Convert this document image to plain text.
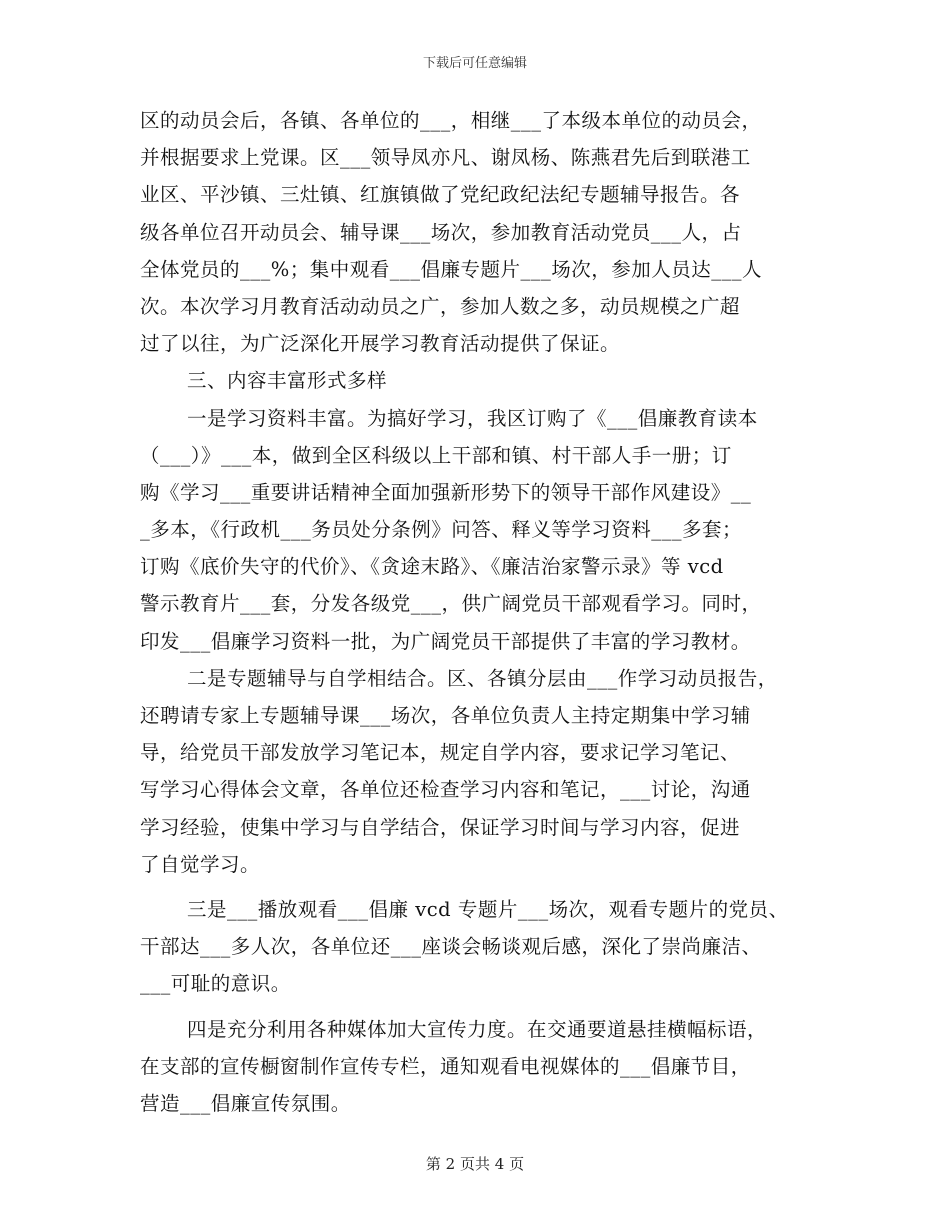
下载后可任意编辑
区的动员会后，各镇、各单位的___，相继___了本级本单位的动员会，
并根据要求上党课。区___领导凤亦凡、谢凤杨、陈燕君先后到联港工
业区、平沙镇、三灶镇、红旗镇做了党纪政纪法纪专题辅导报告。各
级各单位召开动员会、辅导课___场次，参加教育活动党员___人，占
全体党员的___%；集中观看___倡廉专题片___场次，参加人员达___人
次。本次学习月教育活动动员之广，参加人数之多，动员规模之广超
过了以往，为广泛深化开展学习教育活动提供了保证。
三、内容丰富形式多样
一是学习资料丰富。为搞好学习，我区订购了《___倡廉教育读本
（___）》___本，做到全区科级以上干部和镇、村干部人手一册；订
购《学习___重要讲话精神全面加强新形势下的领导干部作风建设》__
_多本，《行政机___务员处分条例》问答、释义等学习资料___多套；
订购《底价失守的代价》、《贪途末路》、《廉洁治家警示录》等 vcd
警示教育片___套，分发各级党___，供广阔党员干部观看学习。同时，
印发___倡廉学习资料一批，为广阔党员干部提供了丰富的学习教材。
二是专题辅导与自学相结合。区、各镇分层由___作学习动员报告，
还聘请专家上专题辅导课___场次，各单位负责人主持定期集中学习辅
导，给党员干部发放学习笔记本，规定自学内容，要求记学习笔记、
写学习心得体会文章，各单位还检查学习内容和笔记，___讨论，沟通
学习经验，使集中学习与自学结合，保证学习时间与学习内容，促进
了自觉学习。
三是___播放观看___倡廉 vcd 专题片___场次，观看专题片的党员、
干部达___多人次，各单位还___座谈会畅谈观后感，深化了崇尚廉洁、
___可耻的意识。
四是充分利用各种媒体加大宣传力度。在交通要道悬挂横幅标语，
在支部的宣传橱窗制作宣传专栏，通知观看电视媒体的___倡廉节目，
营造___倡廉宣传氛围。
第 2 页共 4 页
